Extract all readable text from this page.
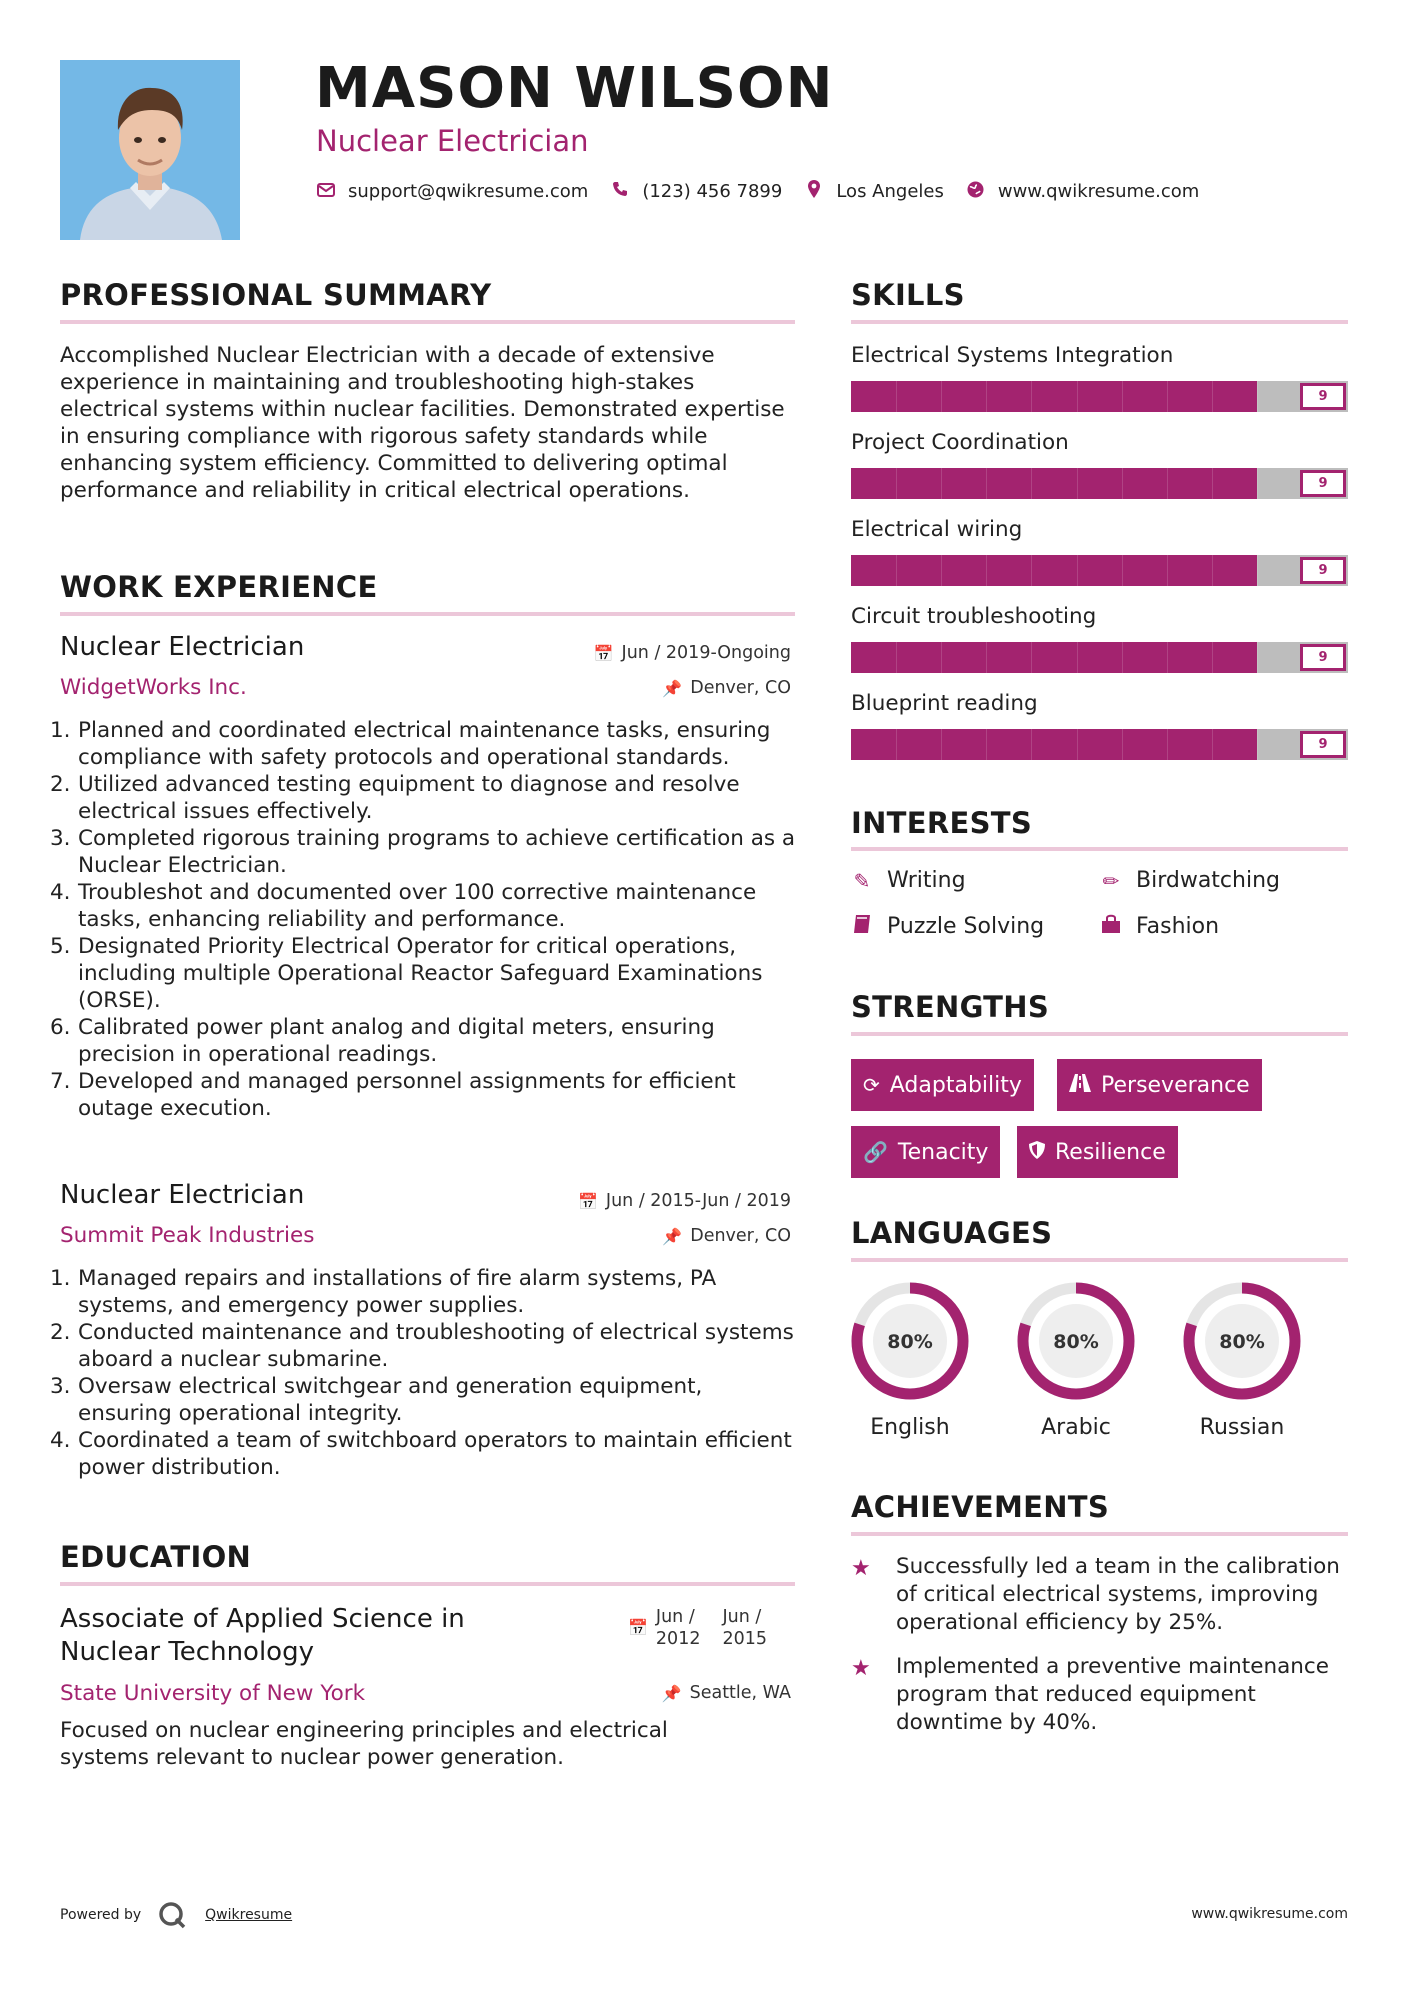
MASON WILSON
Nuclear Electrician
support@qwikresume.com	(123) 456 7899	Los Angeles	www.qwikresume.com
PROFESSIONAL SUMMARY
Accomplished Nuclear Electrician with a decade of extensive experience in maintaining and troubleshooting high-stakes electrical systems within nuclear facilities. Demonstrated expertise in ensuring compliance with rigorous safety standards while enhancing system efficiency. Committed to delivering optimal performance and reliability in critical electrical operations.
WORK EXPERIENCE
Nuclear Electrician	📅 Jun / 2019-Ongoing
WidgetWorks Inc.	📌 Denver, CO
1. Planned and coordinated electrical maintenance tasks, ensuring compliance with safety protocols and operational standards.
2. Utilized advanced testing equipment to diagnose and resolve electrical issues effectively.
3. Completed rigorous training programs to achieve certification as a Nuclear Electrician.
4. Troubleshot and documented over 100 corrective maintenance tasks, enhancing reliability and performance.
5. Designated Priority Electrical Operator for critical operations, including multiple Operational Reactor Safeguard Examinations (ORSE).
6. Calibrated power plant analog and digital meters, ensuring precision in operational readings.
7. Developed and managed personnel assignments for efficient outage execution.
Nuclear Electrician	📅 Jun / 2015-Jun / 2019
Summit Peak Industries	📌 Denver, CO
1. Managed repairs and installations of fire alarm systems, PA systems, and emergency power supplies.
2. Conducted maintenance and troubleshooting of electrical systems aboard a nuclear submarine.
3. Oversaw electrical switchgear and generation equipment, ensuring operational integrity.
4. Coordinated a team of switchboard operators to maintain efficient power distribution.
EDUCATION
Associate of Applied Science in
Nuclear Technology
📅
Jun /
2012
Jun /
2015
State University of New York	📌 Seattle, WA
Focused on nuclear engineering principles and electrical systems relevant to nuclear power generation.
SKILLS
Electrical Systems Integration
9
Project Coordination
9
Electrical wiring
9
Circuit troubleshooting
9
Blueprint reading
9
INTERESTS
✎ Writing	✏ Birdwatching
Puzzle Solving	Fashion
STRENGTHS
⟳ Adaptability	Perseverance
🔗 Tenacity	Resilience
LANGUAGES
80%
English
80%
Arabic
80%
Russian
ACHIEVEMENTS
★ Successfully led a team in the calibration of critical electrical systems, improving operational efficiency by 25%.
★ Implemented a preventive maintenance program that reduced equipment downtime by 40%.
Powered by	Qwikresume	www.qwikresume.com
